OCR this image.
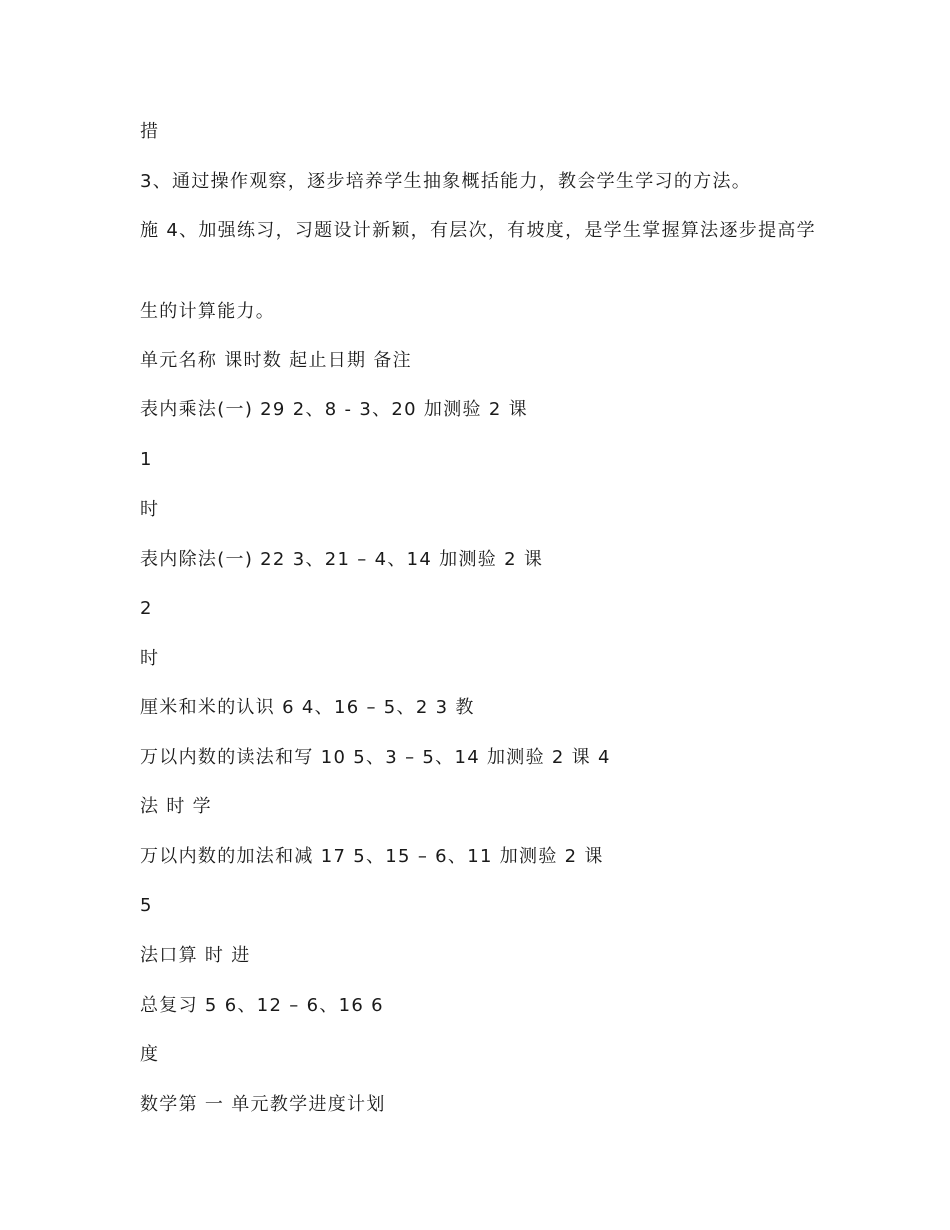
措
3、通过操作观察，逐步培养学生抽象概括能力，教会学生学习的方法。
施 4、加强练习，习题设计新颖，有层次，有坡度，是学生掌握算法逐步提高学
生的计算能力。
单元名称 课时数 起止日期 备注
表内乘法(一) 29 2、8 - 3、20 加测验 2 课
1
时
表内除法(一) 22 3、21 – 4、14 加测验 2 课
2
时
厘米和米的认识 6 4、16 – 5、2 3 教
万以内数的读法和写 10 5、3 – 5、14 加测验 2 课 4
法 时 学
万以内数的加法和减 17 5、15 – 6、11 加测验 2 课
5
法口算 时 进
总复习 5 6、12 – 6、16 6
度
数学第 一 单元教学进度计划
